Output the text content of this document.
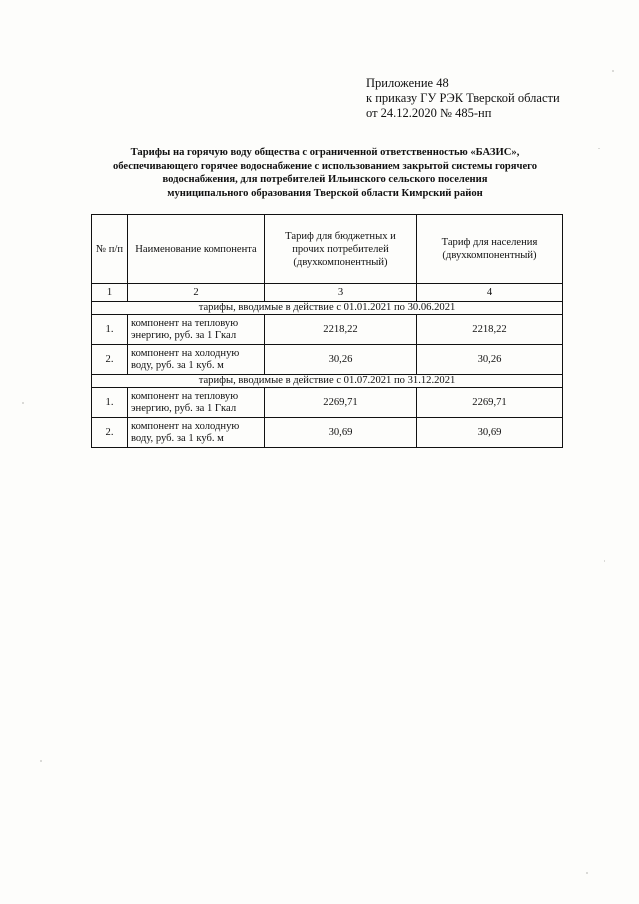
Приложение 48
к приказу ГУ РЭК Тверской области
от 24.12.2020 № 485-нп
Тарифы на горячую воду общества с ограниченной ответственностью «БАЗИС»,
обеспечивающего горячее водоснабжение с использованием закрытой системы горячего
водоснабжения, для потребителей Ильинского сельского поселения
муниципального образования Тверской области Кимрский район
№ п/п	Наименование компонента	Тариф для бюджетных и прочих потребителей (двухкомпонентный)	Тариф для населения (двухкомпонентный)
1	2	3	4
тарифы, вводимые в действие с 01.01.2021 по 30.06.2021			
1.	компонент на тепловую энергию, руб. за 1 Гкал	2218,22	2218,22
2.	компонент на холодную воду, руб. за 1 куб. м	30,26	30,26
тарифы, вводимые в действие с 01.07.2021 по 31.12.2021			
1.	компонент на тепловую энергию, руб. за 1 Гкал	2269,71	2269,71
2.	компонент на холодную воду, руб. за 1 куб. м	30,69	30,69
